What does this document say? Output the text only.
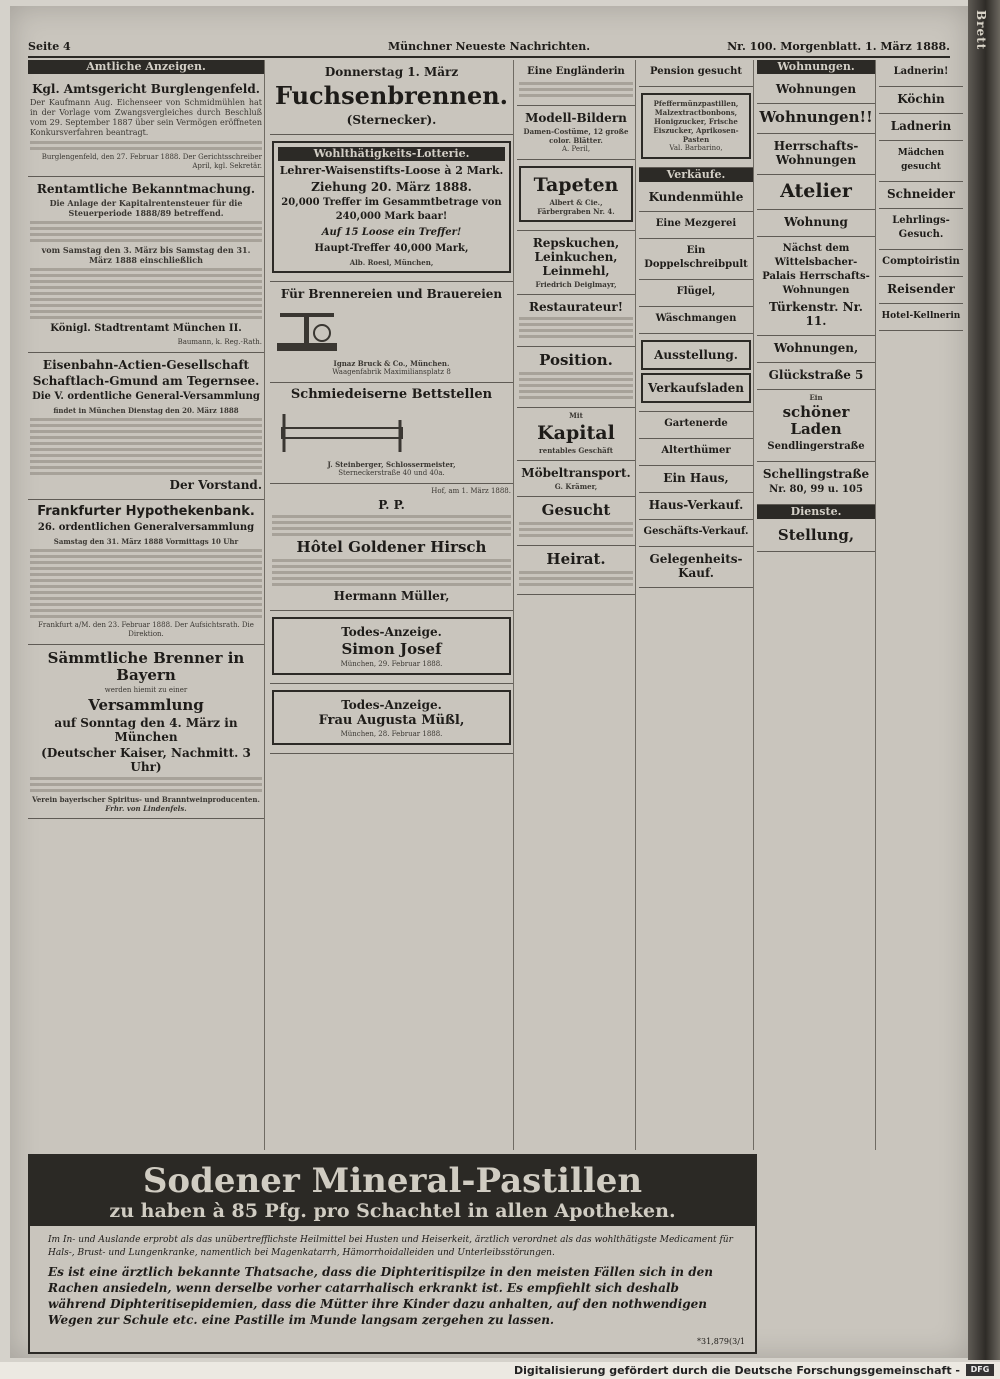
Brett
Seite 4	Münchner Neueste Nachrichten.	Nr. 100. Morgenblatt. 1. März 1888.
Amtliche Anzeigen.
Kgl. Amtsgericht Burglengenfeld.
Der Kaufmann Aug. Eichenseer von Schmidmühlen hat in der Vorlage vom Zwangsvergleiches durch Beschluß vom 29. September 1887 über sein Vermögen eröffneten Konkursverfahren beantragt.
Burglengenfeld, den 27. Februar 1888. Der Gerichtsschreiber April, kgl. Sekretär.
Rentamtliche Bekanntmachung.
Die Anlage der Kapitalrentensteuer für die Steuerperiode 1888/89 betreffend.
vom Samstag den 3. März bis Samstag den 31. März 1888 einschließlich
Königl. Stadtrentamt München II.
Baumann, k. Reg.-Rath.
Eisenbahn-Actien-Gesellschaft
Schaftlach-Gmund am Tegernsee.
Die V. ordentliche General-Versammlung
findet in München Dienstag den 20. März 1888
Der Vorstand.
Frankfurter Hypothekenbank.
26. ordentlichen Generalversammlung
Samstag den 31. März 1888 Vormittags 10 Uhr
Frankfurt a/M. den 23. Februar 1888. Der Aufsichtsrath. Die Direktion.
Sämmtliche Brenner in Bayern
werden hiemit zu einer
Versammlung
auf Sonntag den 4. März in München
(Deutscher Kaiser, Nachmitt. 3 Uhr)
Verein bayerischer Spiritus- und Branntweinproducenten.
Frhr. von Lindenfels.
Donnerstag 1. März
Fuchsenbrennen.
(Sternecker).
Wohlthätigkeits-Lotterie.
Lehrer-Waisenstifts-Loose à 2 Mark.
Ziehung 20. März 1888.
20,000 Treffer im Gesammtbetrage von 240,000 Mark baar!
Auf 15 Loose ein Treffer!
Haupt-Treffer 40,000 Mark,
Alb. Roesl, München,
Für Brennereien und Brauereien
Ignaz Bruck & Co., München.
Waagenfabrik Maximiliansplatz 8
Schmiedeiserne Bettstellen
J. Steinberger, Schlossermeister,
Sterneckerstraße 40 und 40a.
Hof, am 1. März 1888.
P. P.
Hôtel Goldener Hirsch
Hermann Müller,
Todes-Anzeige.
Simon Josef
München, 29. Februar 1888.
Todes-Anzeige.
Frau Augusta Müßl,
München, 28. Februar 1888.
Eine Engländerin
Modell-Bildern
Damen-Costüme, 12 große color. Blätter.
A. Peril,
Tapeten
Albert & Cie., Färbergraben Nr. 4.
Repskuchen, Leinkuchen, Leinmehl,
Friedrich Deiglmayr,
Restaurateur!
Position.
Mit
Kapital
rentables Geschäft
Möbeltransport.
G. Krämer,
Gesucht
Heirat.
Pension gesucht
Pfeffermünzpastillen, Malzextractbonbons, Honigzucker, Frische Eiszucker, Aprikosen-Pasten
Val. Barbarino,
Verkäufe.
Kundenmühle
Eine Mezgerei
Ein Doppelschreibpult
Flügel,
Wäschmangen
Ausstellung.
Verkaufsladen
Gartenerde
Alterthümer
Ein Haus,
Haus-Verkauf.
Geschäfts-Verkauf.
Gelegenheits-Kauf.
Wohnungen.
Wohnungen
Wohnungen!!
Herrschafts-Wohnungen
Atelier
Wohnung
Nächst dem Wittelsbacher-Palais Herrschafts-Wohnungen
Türkenstr. Nr. 11.
Wohnungen,
Glückstraße 5
Ein
schöner Laden
Sendlingerstraße
Schellingstraße
Nr. 80, 99 u. 105
Dienste.
Stellung,
Ladnerin!
Köchin
Ladnerin
Mädchen gesucht
Schneider
Lehrlings-Gesuch.
Comptoiristin
Reisender
Hotel-Kellnerin
Sodener Mineral-Pastillen
zu haben à 85 Pfg. pro Schachtel in allen Apotheken.
Im In- und Auslande erprobt als das unübertrefflichste Heilmittel bei Husten und Heiserkeit, ärztlich verordnet als das wohlthätigste Medicament für Hals-, Brust- und Lungenkranke, namentlich bei Magenkatarrh, Hämorrhoidalleiden und Unterleibsstörungen.
Es ist eine ärztlich bekannte Thatsache, dass die Diphteritispilze in den meisten Fällen sich in den Rachen ansiedeln, wenn derselbe vorher catarrhalisch erkrankt ist. Es empfiehlt sich deshalb während Diphteritisepidemien, dass die Mütter ihre Kinder dazu anhalten, auf den nothwendigen Wegen zur Schule etc. eine Pastille im Munde langsam zergehen zu lassen.
*31,879(3/1
Digitalisierung gefördert durch die Deutsche Forschungsgemeinschaft -	DFG
